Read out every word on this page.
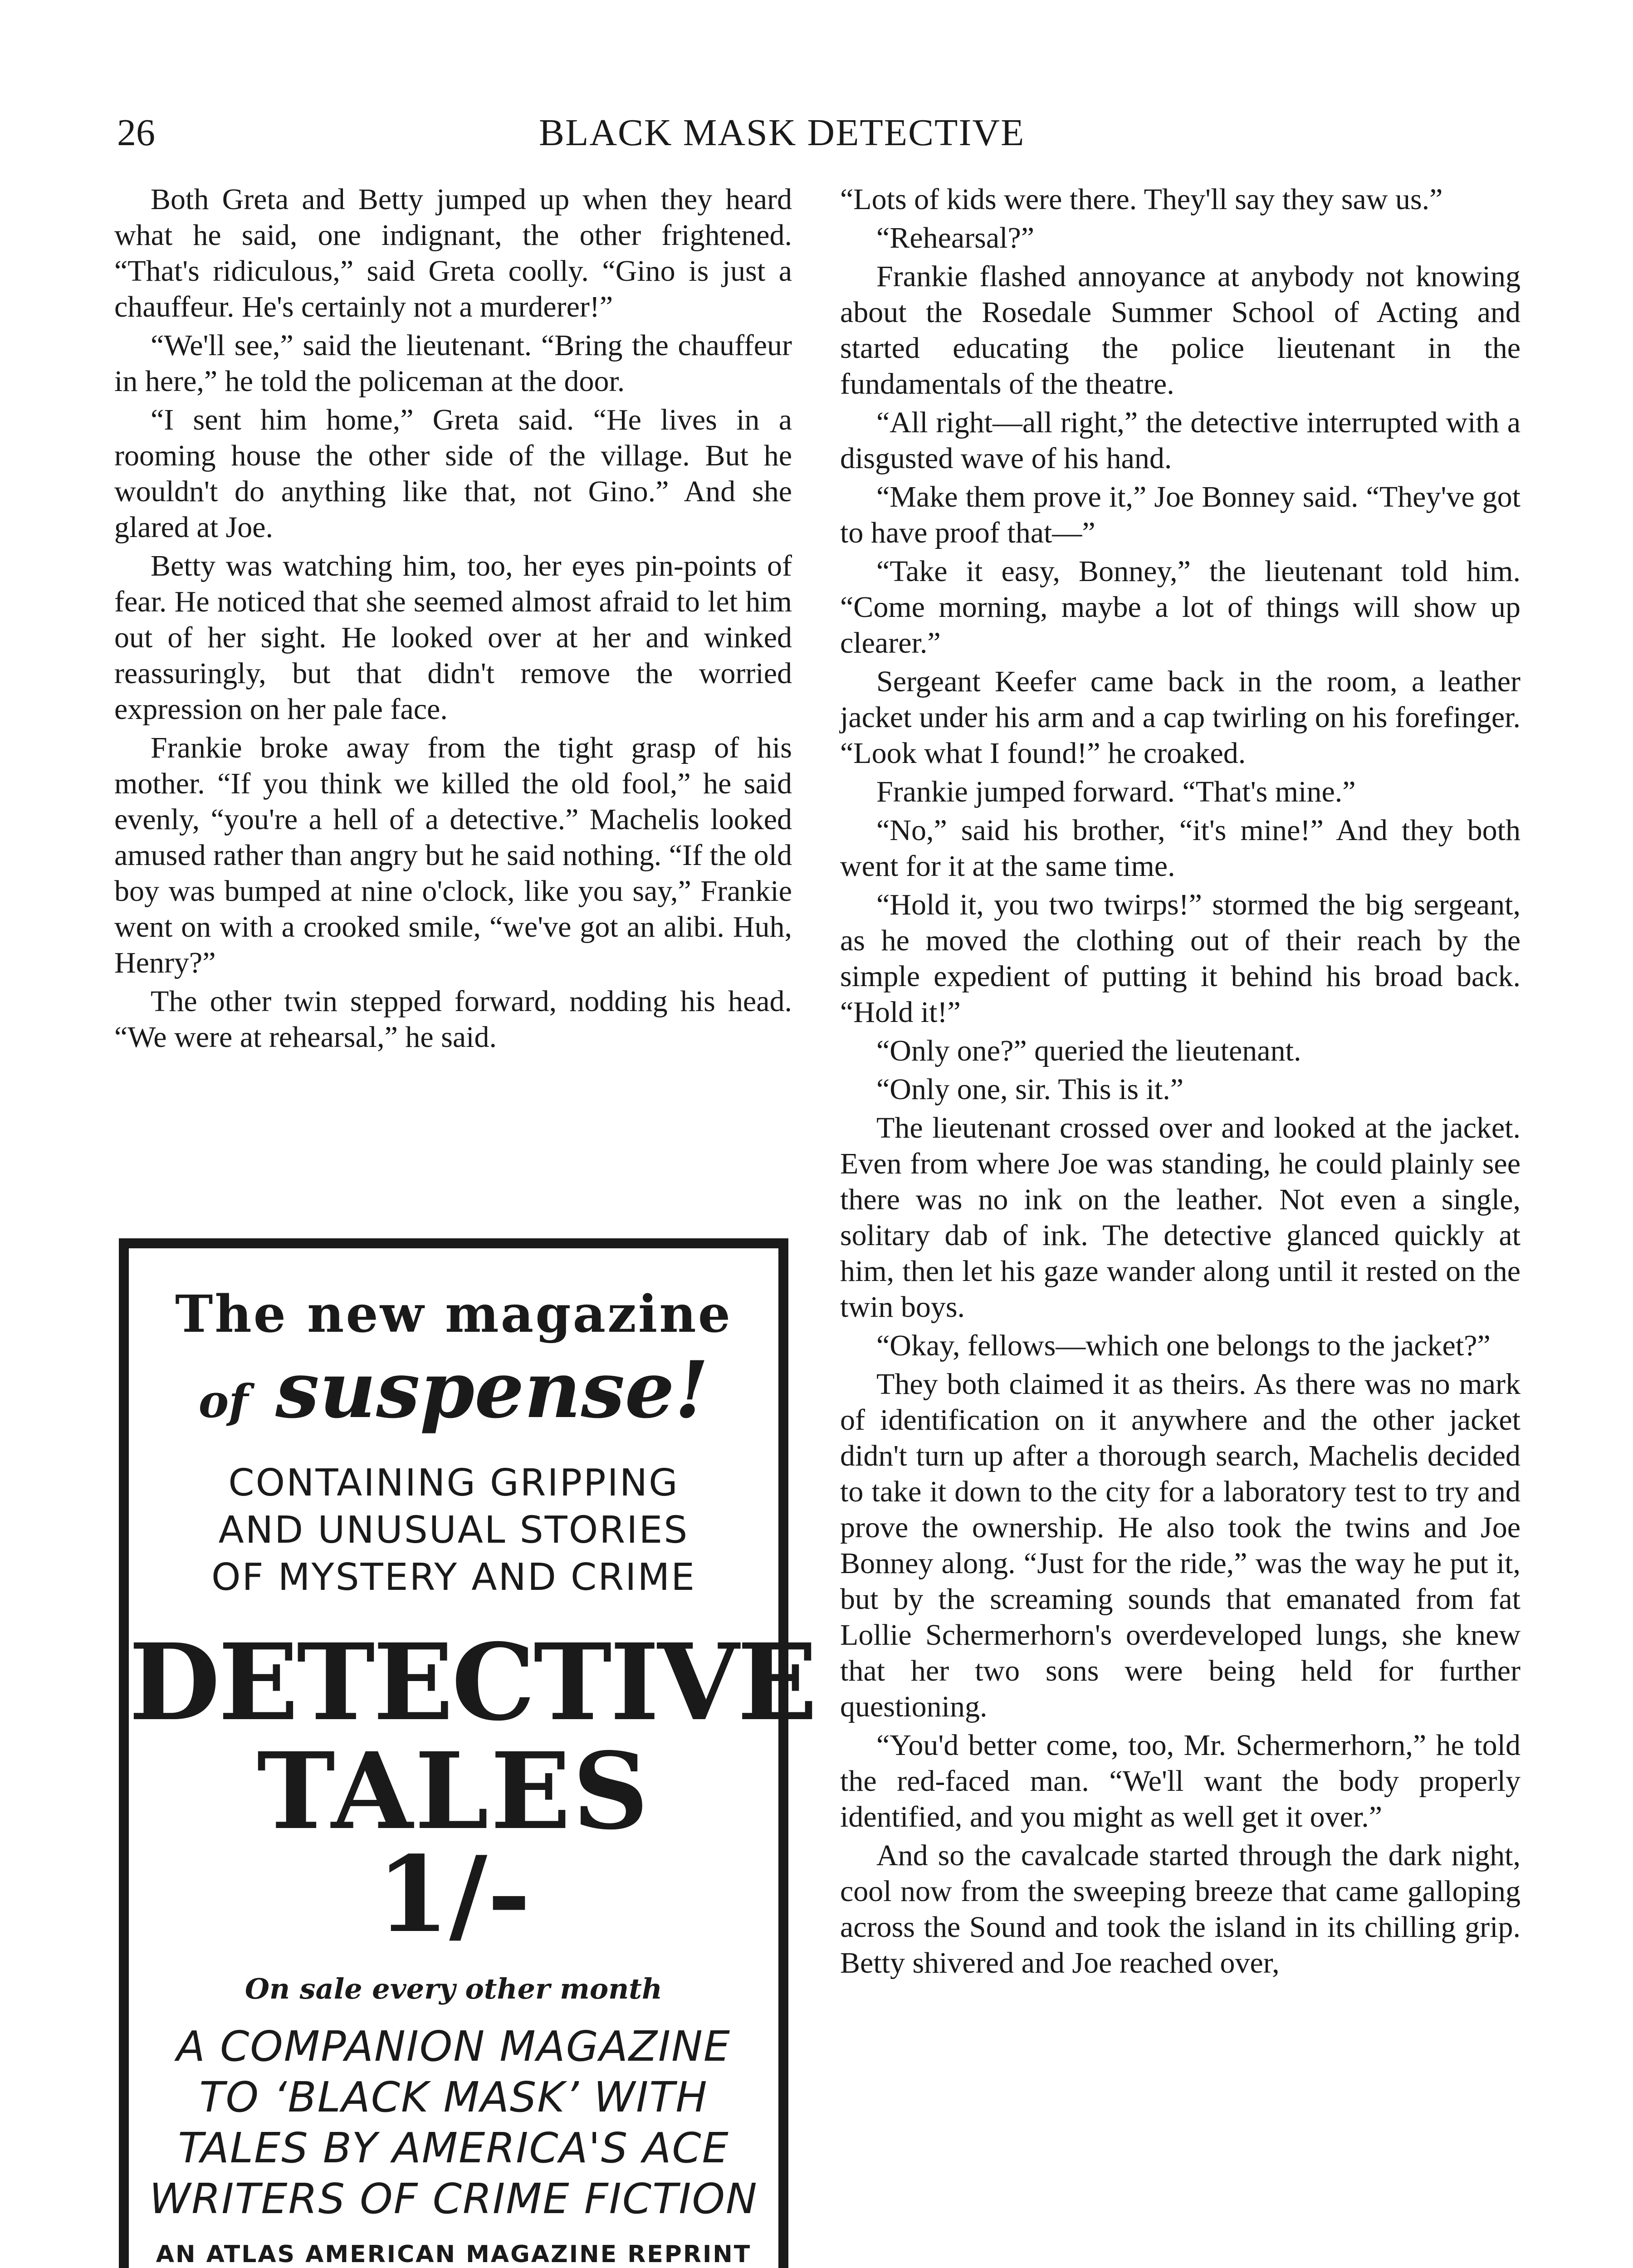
26	BLACK MASK DETECTIVE

Both Greta and Betty jumped up when they heard what he said, one indignant, the other frightened. “That's ridiculous,” said Greta coolly. “Gino is just a chauffeur. He's certainly not a murderer!”

“We'll see,” said the lieutenant. “Bring the chauffeur in here,” he told the policeman at the door.

“I sent him home,” Greta said. “He lives in a rooming house the other side of the village. But he wouldn't do anything like that, not Gino.” And she glared at Joe.

Betty was watching him, too, her eyes pin-points of fear. He noticed that she seemed almost afraid to let him out of her sight. He looked over at her and winked reassuringly, but that didn't remove the worried expression on her pale face.

Frankie broke away from the tight grasp of his mother. “If you think we killed the old fool,” he said evenly, “you're a hell of a detective.” Machelis looked amused rather than angry but he said nothing. “If the old boy was bumped at nine o'clock, like you say,” Frankie went on with a crooked smile, “we've got an alibi. Huh, Henry?”

The other twin stepped forward, nodding his head. “We were at rehearsal,” he said.

The new magazine
of suspense!
CONTAINING GRIPPING
AND UNUSUAL STORIES
OF MYSTERY AND CRIME
DETECTIVE
TALES
1/-
On sale every other month
A COMPANION MAGAZINE
TO ‘BLACK MASK’ WITH
TALES BY AMERICA'S ACE
WRITERS OF CRIME FICTION
AN ATLAS AMERICAN MAGAZINE REPRINT

“Lots of kids were there. They'll say they saw us.”

“Rehearsal?”

Frankie flashed annoyance at anybody not knowing about the Rosedale Summer School of Acting and started educating the police lieutenant in the fundamentals of the theatre.

“All right—all right,” the detective interrupted with a disgusted wave of his hand.

“Make them prove it,” Joe Bonney said. “They've got to have proof that—”

“Take it easy, Bonney,” the lieutenant told him. “Come morning, maybe a lot of things will show up clearer.”

Sergeant Keefer came back in the room, a leather jacket under his arm and a cap twirling on his forefinger. “Look what I found!” he croaked.

Frankie jumped forward. “That's mine.”

“No,” said his brother, “it's mine!” And they both went for it at the same time.

“Hold it, you two twirps!” stormed the big sergeant, as he moved the clothing out of their reach by the simple expedient of putting it behind his broad back. “Hold it!”

“Only one?” queried the lieutenant.

“Only one, sir. This is it.”

The lieutenant crossed over and looked at the jacket. Even from where Joe was standing, he could plainly see there was no ink on the leather. Not even a single, solitary dab of ink. The detective glanced quickly at him, then let his gaze wander along until it rested on the twin boys.

“Okay, fellows—which one belongs to the jacket?”

They both claimed it as theirs. As there was no mark of identification on it anywhere and the other jacket didn't turn up after a thorough search, Machelis decided to take it down to the city for a laboratory test to try and prove the ownership. He also took the twins and Joe Bonney along. “Just for the ride,” was the way he put it, but by the screaming sounds that emanated from fat Lollie Schermerhorn's overdeveloped lungs, she knew that her two sons were being held for further questioning.

“You'd better come, too, Mr. Schermerhorn,” he told the red-faced man. “We'll want the body properly identified, and you might as well get it over.”

And so the cavalcade started through the dark night, cool now from the sweeping breeze that came galloping across the Sound and took the island in its chilling grip. Betty shivered and Joe reached over,
